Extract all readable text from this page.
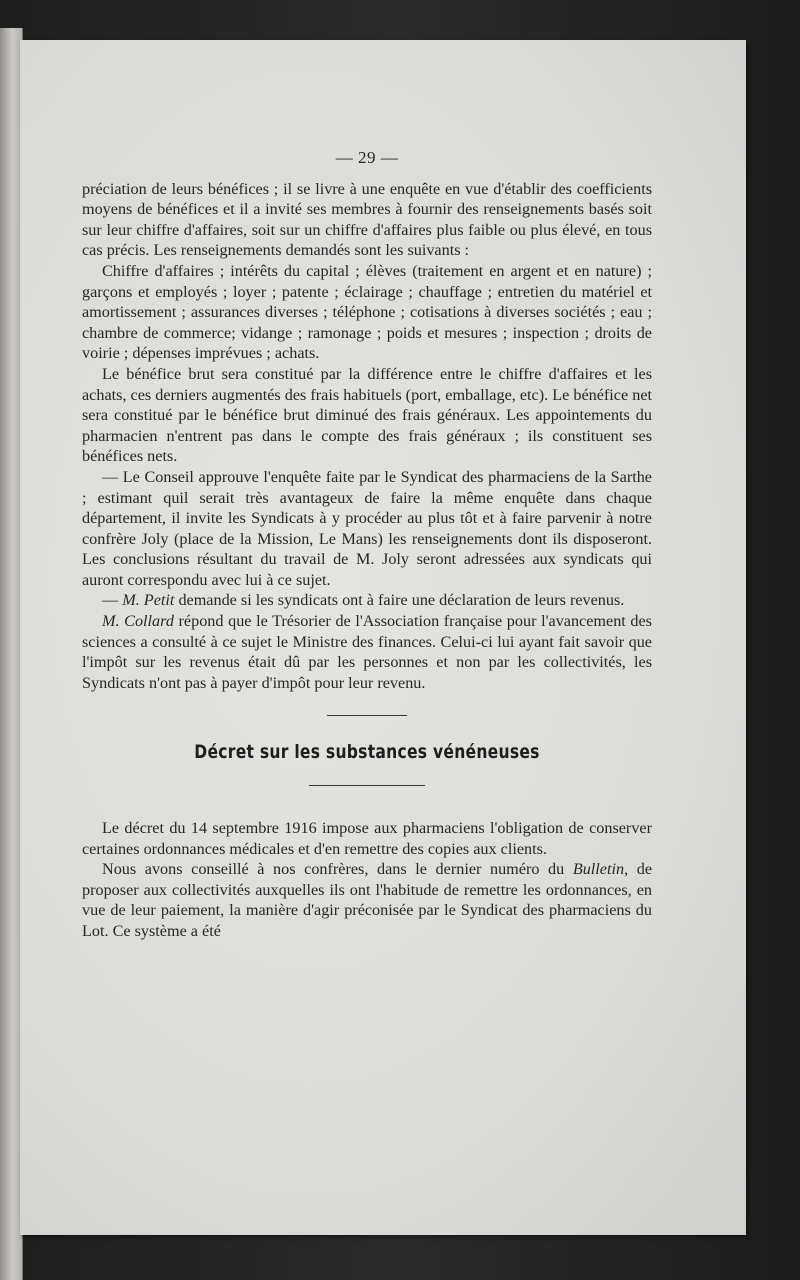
— 29 —

préciation de leurs bénéfices ; il se livre à une enquête en vue d'établir des coefficients moyens de bénéfices et il a invité ses membres à fournir des renseignements basés soit sur leur chiffre d'affaires, soit sur un chiffre d'affaires plus faible ou plus élevé, en tous cas précis. Les renseignements demandés sont les suivants :

Chiffre d'affaires ; intérêts du capital ; élèves (traitement en argent et en nature) ; garçons et employés ; loyer ; patente ; éclairage ; chauffage ; entretien du matériel et amortissement ; assurances diverses ; téléphone ; cotisations à diverses sociétés ; eau ; chambre de commerce; vidange ; ramonage ; poids et mesures ; inspection ; droits de voirie ; dépenses imprévues ; achats.

Le bénéfice brut sera constitué par la différence entre le chiffre d'affaires et les achats, ces derniers augmentés des frais habituels (port, emballage, etc). Le bénéfice net sera constitué par le bénéfice brut diminué des frais généraux. Les appointements du pharmacien n'entrent pas dans le compte des frais généraux ; ils constituent ses bénéfices nets.

— Le Conseil approuve l'enquête faite par le Syndicat des pharmaciens de la Sarthe ; estimant quil serait très avantageux de faire la même enquête dans chaque département, il invite les Syndicats à y procéder au plus tôt et à faire parvenir à notre confrère Joly (place de la Mission, Le Mans) les renseignements dont ils disposeront. Les conclusions résultant du travail de M. Joly seront adressées aux syndicats qui auront correspondu avec lui à ce sujet.

— M. Petit demande si les syndicats ont à faire une déclaration de leurs revenus.

M. Collard répond que le Trésorier de l'Association française pour l'avancement des sciences a consulté à ce sujet le Ministre des finances. Celui-ci lui ayant fait savoir que l'impôt sur les revenus était dû par les personnes et non par les collectivités, les Syndicats n'ont pas à payer d'impôt pour leur revenu.

Décret sur les substances vénéneuses

Le décret du 14 septembre 1916 impose aux pharmaciens l'obligation de conserver certaines ordonnances médicales et d'en remettre des copies aux clients.

Nous avons conseillé à nos confrères, dans le dernier numéro du Bulletin, de proposer aux collectivités auxquelles ils ont l'habitude de remettre les ordonnances, en vue de leur paiement, la manière d'agir préconisée par le Syndicat des pharmaciens du Lot. Ce système a été
